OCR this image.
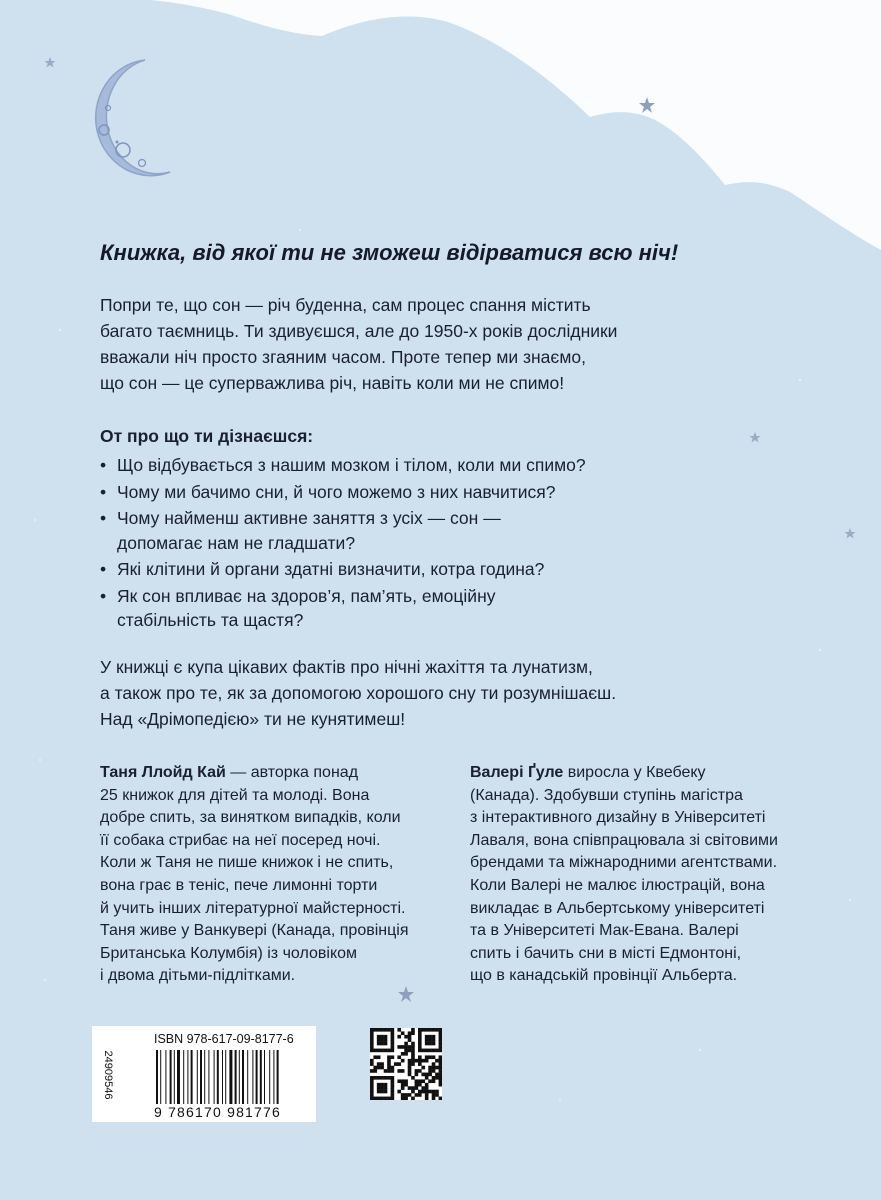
Книжка, від якої ти не зможеш відірватися всю ніч!

Попри те, що сон — річ буденна, сам процес спання містить
багато таємниць. Ти здивуєшся, але до 1950-х років дослідники
вважали ніч просто згаяним часом. Проте тепер ми знаємо,
що сон — це суперважлива річ, навіть коли ми не спимо!

От про що ти дізнаєшся:

• Що відбувається з нашим мозком і тілом, коли ми спимо?
• Чому ми бачимо сни, й чого можемо з них навчитися?
• Чому найменш активне заняття з усіх — сон —
допомагає нам не гладшати?
• Які клітини й органи здатні визначити, котра година?
• Як сон впливає на здоров’я, пам’ять, емоційну
стабільність та щастя?

У книжці є купа цікавих фактів про нічні жахіття та лунатизм,
а також про те, як за допомогою хорошого сну ти розумнішаєш.
Над «Дрімопедією» ти не кунятимеш!

Таня Ллойд Кай — авторка понад
25 книжок для дітей та молоді. Вона
добре спить, за винятком випадків, коли
її собака стрибає на неї посеред ночі.
Коли ж Таня не пише книжок і не спить,
вона грає в теніс, пече лимонні торти
й учить інших літературної майстерності.
Таня живе у Ванкувері (Канада, провінція
Британська Колумбія) із чоловіком
і двома дітьми-підлітками.

Валері Ґуле виросла у Квебеку
(Канада). Здобувши ступінь магістра
з інтерактивного дизайну в Університеті
Лаваля, вона співпрацювала зі світовими
брендами та міжнародними агентствами.
Коли Валері не малює ілюстрацій, вона
викладає в Альбертському університеті
та в Університеті Мак-Евана. Валері
спить і бачить сни в місті Едмонтоні,
що в канадській провінції Альберта.

24909546
ISBN 978-617-09-8177-6
9 786170 981776
